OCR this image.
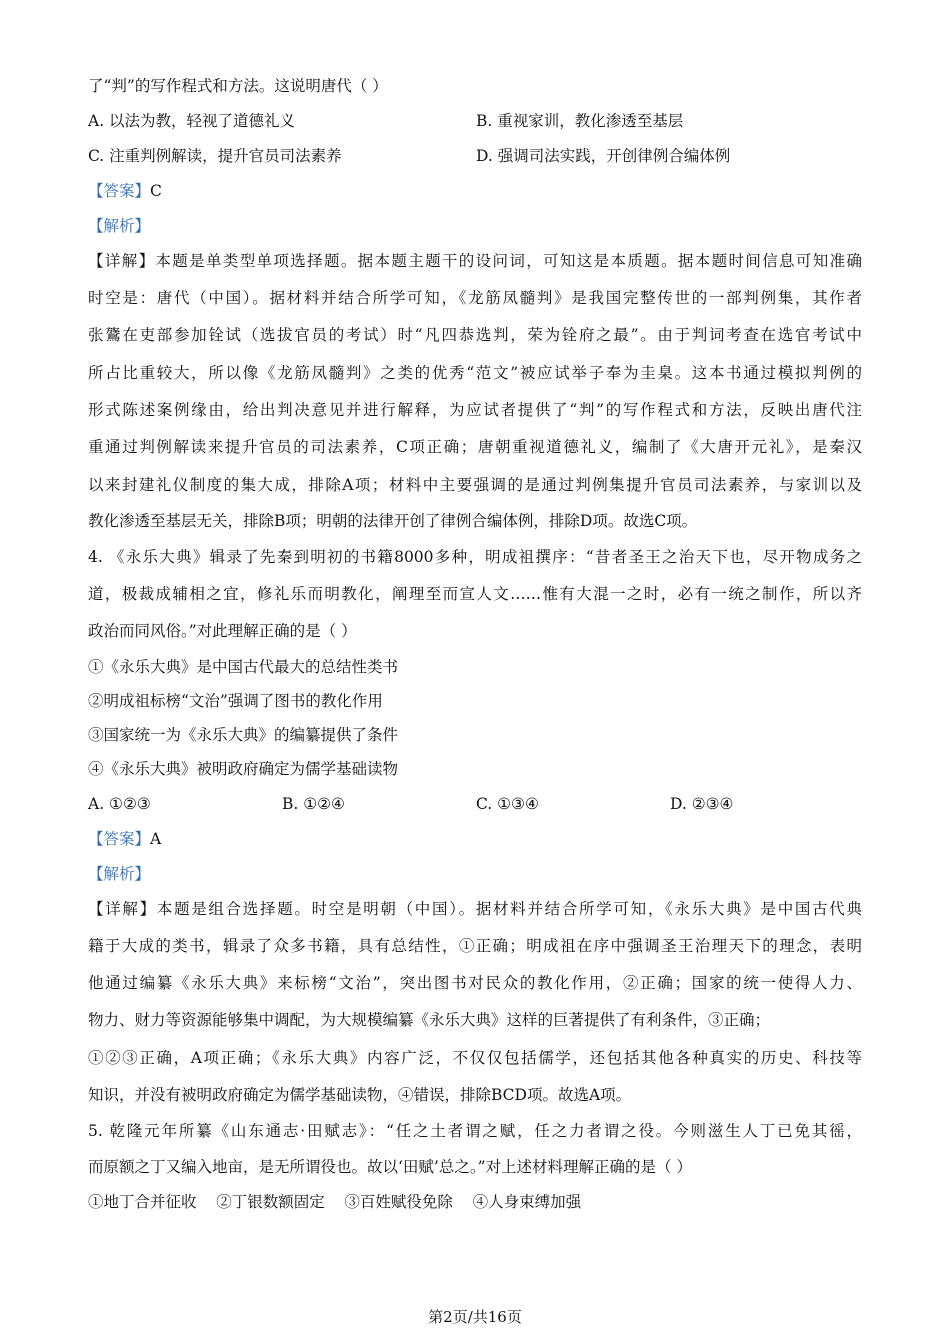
了“判”的写作程式和方法。这说明唐代（ ）
A. 以法为教，轻视了道德礼义	B. 重视家训，教化渗透至基层
C. 注重判例解读，提升官员司法素养	D. 强调司法实践，开创律例合编体例
【答案】C
【解析】
【详解】本题是单类型单项选择题。据本题主题干的设问词，可知这是本质题。据本题时间信息可知准确
时空是：唐代（中国）。据材料并结合所学可知，《龙筋凤髓判》是我国完整传世的一部判例集，其作者
张鷟在吏部参加铨试（选拔官员的考试）时“凡四恭选判，荣为铨府之最”。由于判词考查在选官考试中
所占比重较大，所以像《龙筋凤髓判》之类的优秀“范文”被应试举子奉为圭臬。这本书通过模拟判例的
形式陈述案例缘由，给出判决意见并进行解释，为应试者提供了“判”的写作程式和方法，反映出唐代注
重通过判例解读来提升官员的司法素养，C项正确；唐朝重视道德礼义，编制了《大唐开元礼》，是秦汉
以来封建礼仪制度的集大成，排除A项；材料中主要强调的是通过判例集提升官员司法素养，与家训以及
教化渗透至基层无关，排除B项；明朝的法律开创了律例合编体例，排除D项。故选C项。
4. 《永乐大典》辑录了先秦到明初的书籍8000多种，明成祖撰序：“昔者圣王之治天下也，尽开物成务之
道，极裁成辅相之宜，修礼乐而明教化，阐理至而宣人文……惟有大混一之时，必有一统之制作，所以齐
政治而同风俗。”对此理解正确的是（ ）
①《永乐大典》是中国古代最大的总结性类书
②明成祖标榜“文治”强调了图书的教化作用
③国家统一为《永乐大典》的编纂提供了条件
④《永乐大典》被明政府确定为儒学基础读物
A. ①②③	B. ①②④	C. ①③④	D. ②③④
【答案】A
【解析】
【详解】本题是组合选择题。时空是明朝（中国）。据材料并结合所学可知，《永乐大典》是中国古代典
籍于大成的类书，辑录了众多书籍，具有总结性，①正确；明成祖在序中强调圣王治理天下的理念，表明
他通过编纂《永乐大典》来标榜“文治”，突出图书对民众的教化作用，②正确；国家的统一使得人力、
物力、财力等资源能够集中调配，为大规模编纂《永乐大典》这样的巨著提供了有利条件，③正确；
①②③正确，A项正确；《永乐大典》内容广泛，不仅仅包括儒学，还包括其他各种真实的历史、科技等
知识，并没有被明政府确定为儒学基础读物，④错误，排除BCD项。故选A项。
5. 乾隆元年所纂《山东通志·田赋志》：“任之土者谓之赋，任之力者谓之役。今则滋生人丁已免其徭，
而原额之丁又编入地亩，是无所谓役也。故以‘田赋’总之。”对上述材料理解正确的是（ ）
①地丁合并征收    ②丁银数额固定    ③百姓赋役免除    ④人身束缚加强
第2页/共16页
